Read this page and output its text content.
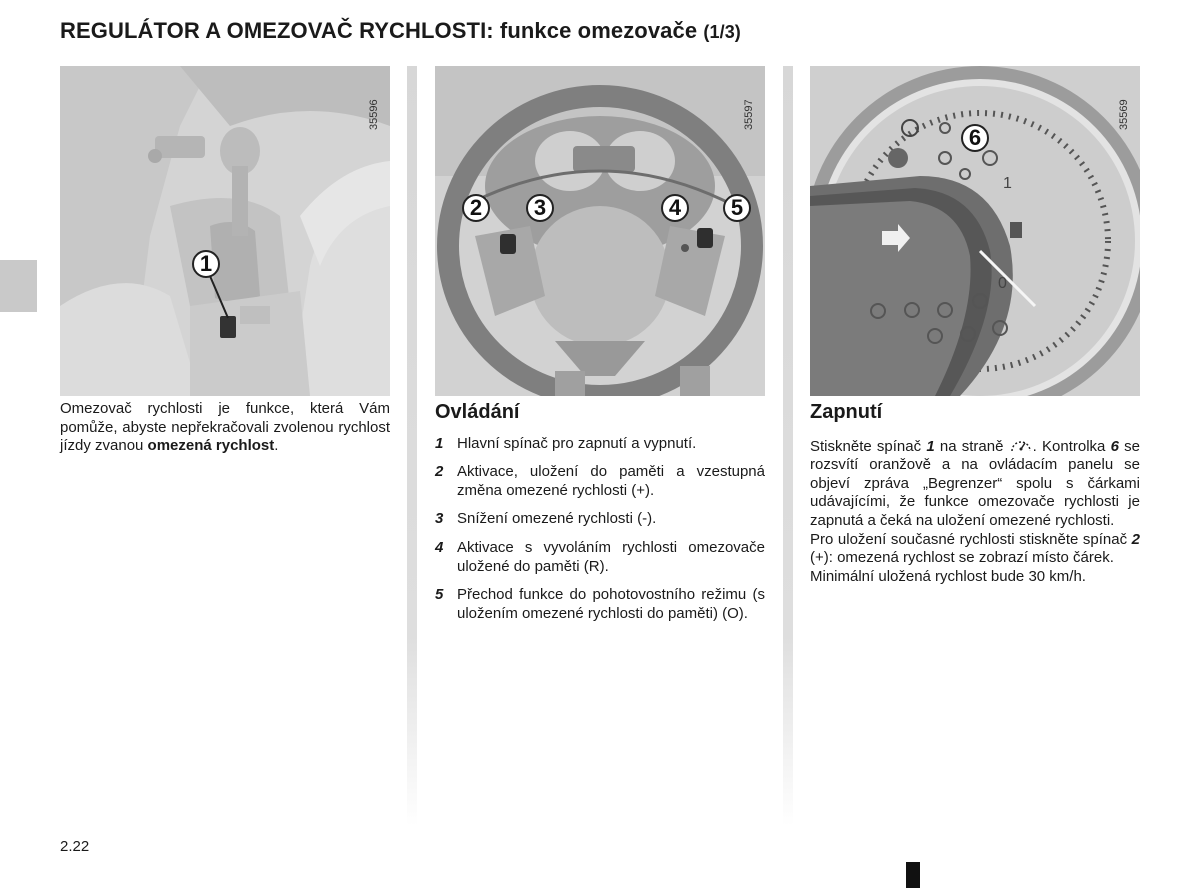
REGULÁTOR A OMEZOVAČ RYCHLOSTI: funkce omezovače (1/3)
35596
1
35597
2	3	4	5
1
0
35569
6

Omezovač rychlosti je funkce, která Vám pomůže, abyste nepřekračovali zvolenou rychlost jízdy zvanou omezená rychlost.

Ovládání
1 Hlavní spínač pro zapnutí a vypnutí.
2 Aktivace, uložení do paměti a vzestupná změna omezené rychlosti (+).
3 Snížení omezené rychlosti (-).
4 Aktivace s vyvoláním rychlosti omezovače uložené do paměti (R).
5 Přechod funkce do pohotovostního režimu (s uložením omezené rychlosti do paměti) (O).
Zapnutí

Stiskněte spínač 1 na straně . Kontrolka 6 se rozsvítí oranžově a na ovládacím panelu se objeví zpráva „Begrenzer“ spolu s čárkami udávajícími, že funkce omezovače rychlosti je zapnutá a čeká na uložení omezené rychlosti.

Pro uložení současné rychlosti stiskněte spínač 2 (+): omezená rychlost se zobrazí místo čárek.

Minimální uložená rychlost bude 30 km/h.

2.22
